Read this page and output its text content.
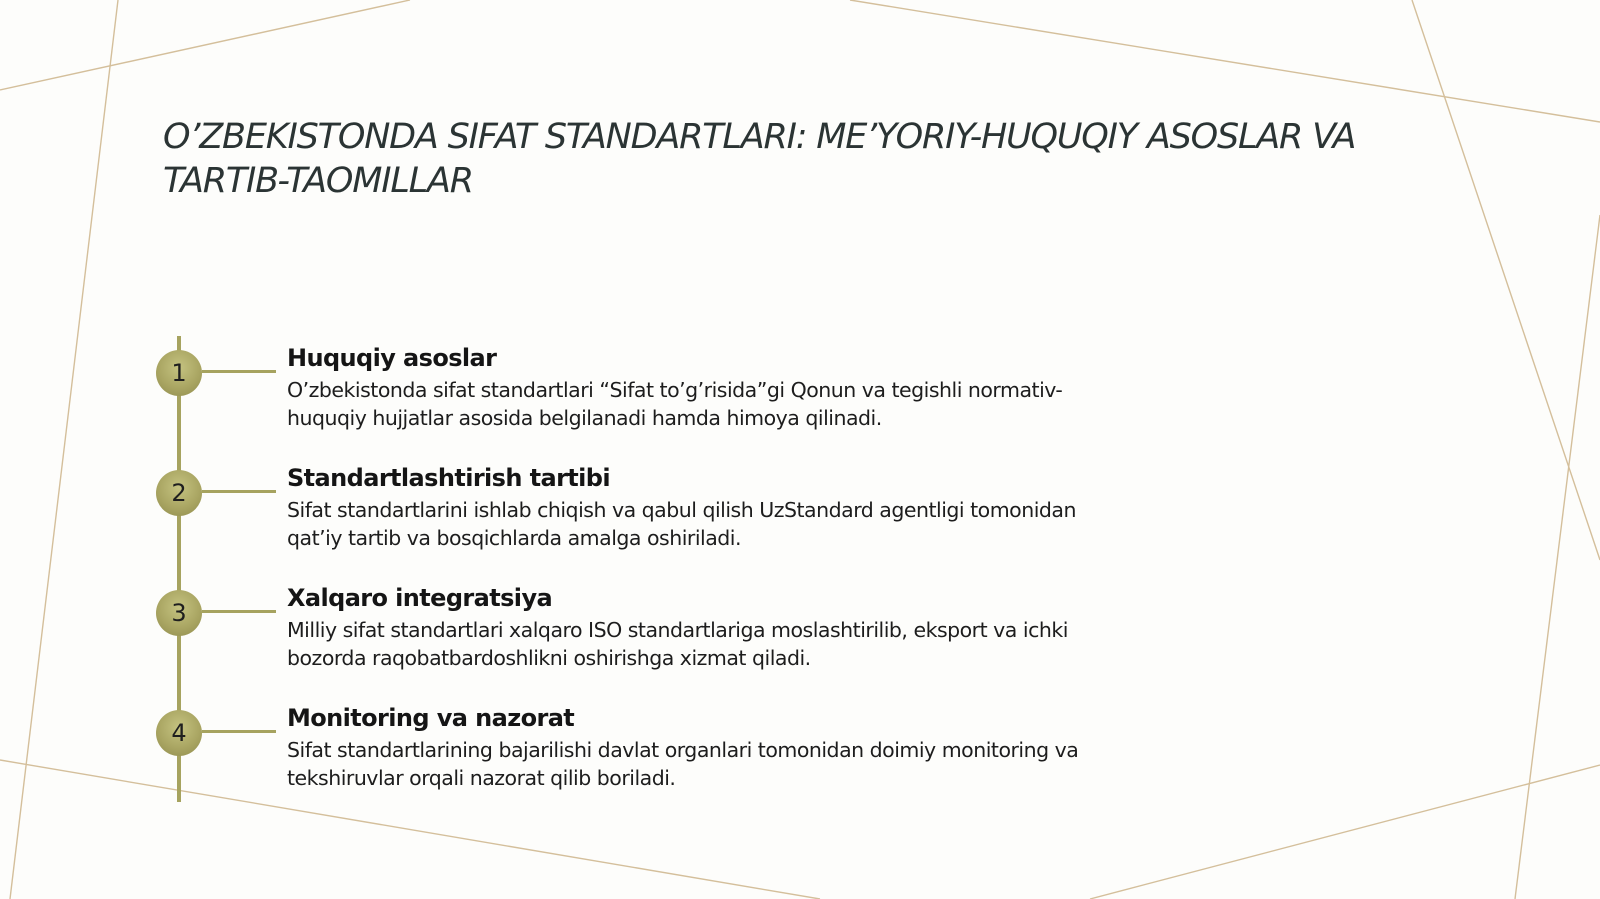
O’ZBEKISTONDA SIFAT STANDARTLARI: ME’YORIY-HUQUQIY ASOSLAR VA TARTIB-TAOMILLAR
1
Huquqiy asoslar

O’zbekistonda sifat standartlari “Sifat to’g’risida”gi Qonun va tegishli normativ-huquqiy hujjatlar asosida belgilanadi hamda himoya qilinadi.

2
Standartlashtirish tartibi

Sifat standartlarini ishlab chiqish va qabul qilish UzStandard agentligi tomonidan qat’iy tartib va bosqichlarda amalga oshiriladi.

3
Xalqaro integratsiya

Milliy sifat standartlari xalqaro ISO standartlariga moslashtirilib, eksport va ichki bozorda raqobatbardoshlikni oshirishga xizmat qiladi.

4
Monitoring va nazorat

Sifat standartlarining bajarilishi davlat organlari tomonidan doimiy monitoring va tekshiruvlar orqali nazorat qilib boriladi.
